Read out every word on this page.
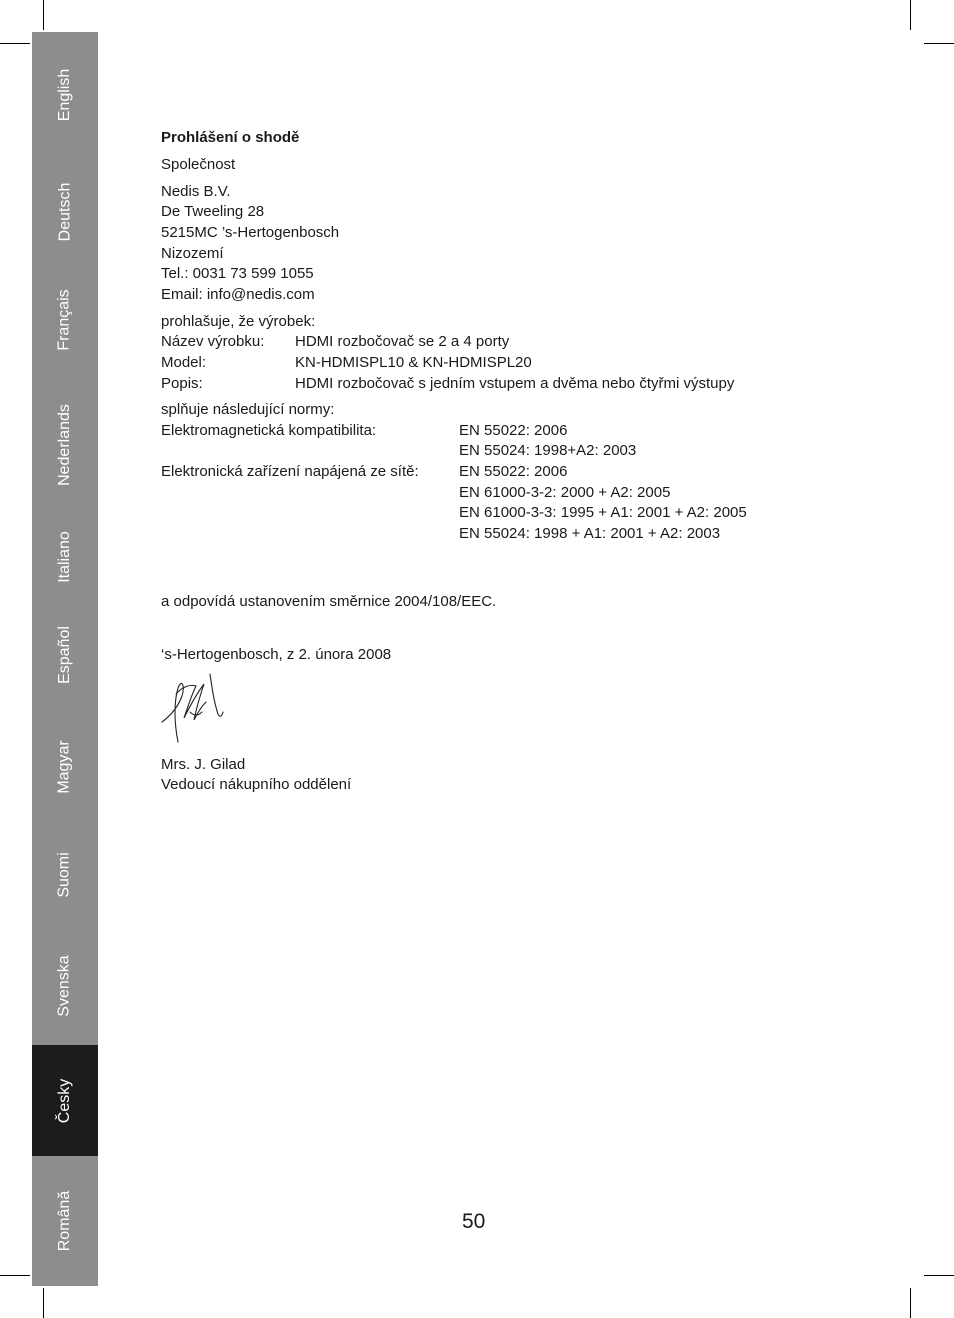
English
Deutsch
Français
Nederlands
Italiano
Español
Magyar
Suomi
Svenska
Česky
Română
Prohlášení o shodě
Společnost
Nedis B.V.
De Tweeling 28
5215MC ’s-Hertogenbosch
Nizozemí
Tel.: 0031 73 599 1055
Email: info@nedis.com
prohlašuje, že výrobek:
Název výrobku: HDMI rozbočovač se 2 a 4 porty
Model:	KN-HDMISPL10 & KN-HDMISPL20
Popis:	HDMI rozbočovač s jedním vstupem a dvěma nebo čtyřmi výstupy
splňuje následující normy:
Elektromagnetická kompatibilita:	EN 55022: 2006
EN 55024: 1998+A2: 2003
Elektronická zařízení napájená ze sítě:	EN 55022: 2006
EN 61000-3-2: 2000 + A2: 2005
EN 61000-3-3: 1995 + A1: 2001 + A2: 2005
EN 55024: 1998 + A1: 2001 + A2: 2003
a odpovídá ustanovením směrnice 2004/108/EEC.
‘s-Hertogenbosch, z 2. února 2008
Mrs. J. Gilad
Vedoucí nákupního oddělení
50
